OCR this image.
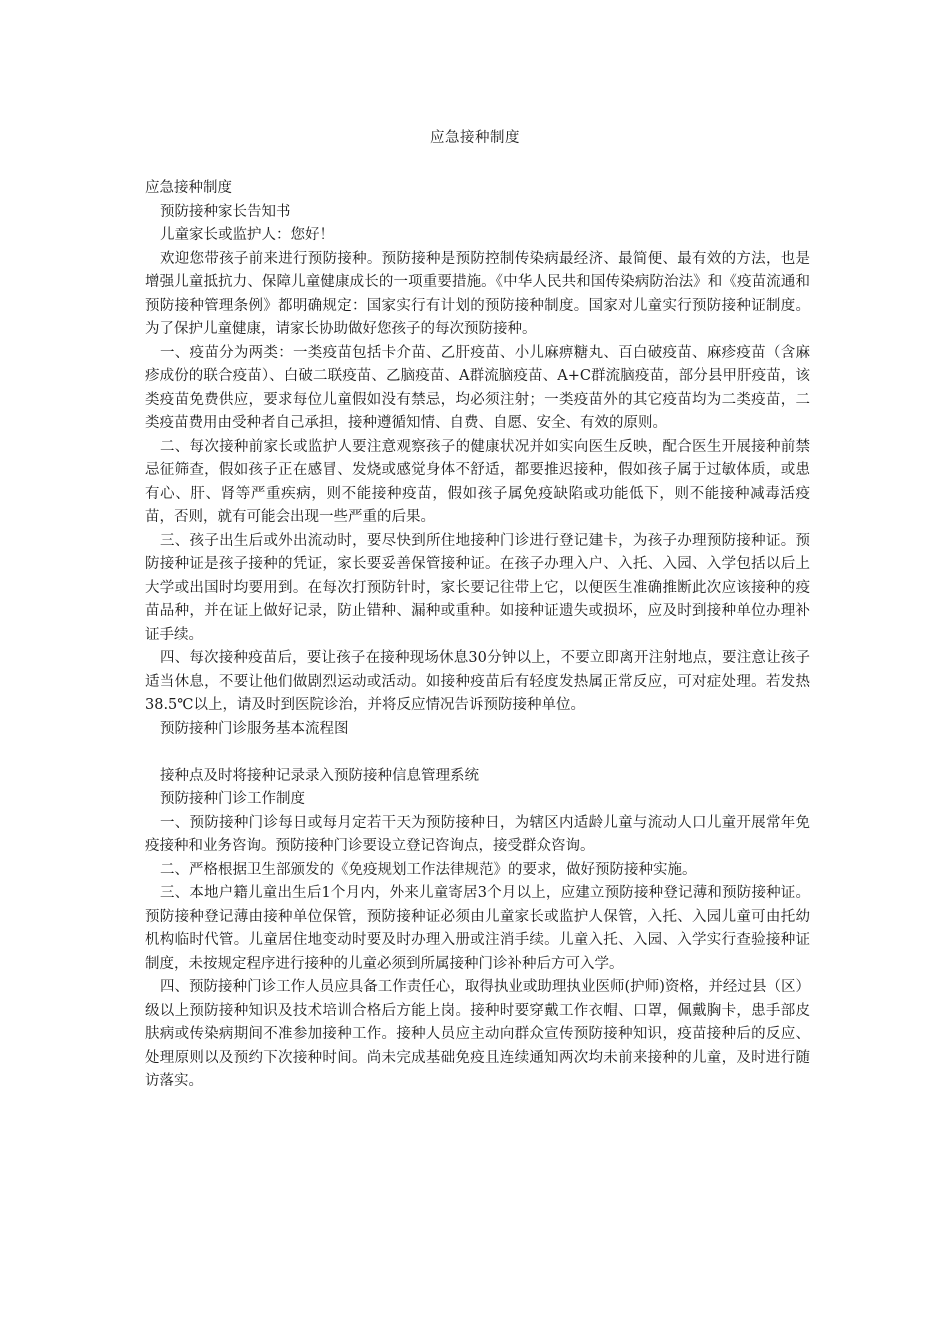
应急接种制度

应急接种制度

预防接种家长告知书

儿童家长或监护人：您好！

欢迎您带孩子前来进行预防接种。预防接种是预防控制传染病最经济、最简便、最有效的方法，也是增强儿童抵抗力、保障儿童健康成长的一项重要措施。《中华人民共和国传染病防治法》和《疫苗流通和预防接种管理条例》都明确规定：国家实行有计划的预防接种制度。国家对儿童实行预防接种证制度。为了保护儿童健康，请家长协助做好您孩子的每次预防接种。

一、疫苗分为两类：一类疫苗包括卡介苗、乙肝疫苗、小儿麻痹糖丸、百白破疫苗、麻疹疫苗（含麻疹成份的联合疫苗）、白破二联疫苗、乙脑疫苗、A群流脑疫苗、A+C群流脑疫苗，部分县甲肝疫苗，该类疫苗免费供应，要求每位儿童假如没有禁忌，均必须注射；一类疫苗外的其它疫苗均为二类疫苗，二类疫苗费用由受种者自己承担，接种遵循知情、自费、自愿、安全、有效的原则。

二、每次接种前家长或监护人要注意观察孩子的健康状况并如实向医生反映，配合医生开展接种前禁忌征筛查，假如孩子正在感冒、发烧或感觉身体不舒适，都要推迟接种，假如孩子属于过敏体质，或患有心、肝、肾等严重疾病，则不能接种疫苗，假如孩子属免疫缺陷或功能低下，则不能接种减毒活疫苗，否则，就有可能会出现一些严重的后果。

三、孩子出生后或外出流动时，要尽快到所住地接种门诊进行登记建卡，为孩子办理预防接种证。预防接种证是孩子接种的凭证，家长要妥善保管接种证。在孩子办理入户、入托、入园、入学包括以后上大学或出国时均要用到。在每次打预防针时，家长要记往带上它，以便医生准确推断此次应该接种的疫苗品种，并在证上做好记录，防止错种、漏种或重种。如接种证遗失或损坏，应及时到接种单位办理补证手续。

四、每次接种疫苗后，要让孩子在接种现场休息30分钟以上，不要立即离开注射地点，要注意让孩子适当休息，不要让他们做剧烈运动或活动。如接种疫苗后有轻度发热属正常反应，可对症处理。若发热38.5℃以上，请及时到医院诊治，并将反应情况告诉预防接种单位。

预防接种门诊服务基本流程图

接种点及时将接种记录录入预防接种信息管理系统

预防接种门诊工作制度

一、预防接种门诊每日或每月定若干天为预防接种日，为辖区内适龄儿童与流动人口儿童开展常年免疫接种和业务咨询。预防接种门诊要设立登记咨询点，接受群众咨询。

二、严格根据卫生部颁发的《免疫规划工作法律规范》的要求，做好预防接种实施。

三、本地户籍儿童出生后1个月内，外来儿童寄居3个月以上，应建立预防接种登记薄和预防接种证。预防接种登记薄由接种单位保管，预防接种证必须由儿童家长或监护人保管，入托、入园儿童可由托幼机构临时代管。儿童居住地变动时要及时办理入册或注消手续。儿童入托、入园、入学实行查验接种证制度，未按规定程序进行接种的儿童必须到所属接种门诊补种后方可入学。

四、预防接种门诊工作人员应具备工作责任心，取得执业或助理执业医师(护师)资格，并经过县（区）级以上预防接种知识及技术培训合格后方能上岗。接种时要穿戴工作衣帽、口罩，佩戴胸卡，患手部皮肤病或传染病期间不准参加接种工作。接种人员应主动向群众宣传预防接种知识，疫苗接种后的反应、处理原则以及预约下次接种时间。尚未完成基础免疫且连续通知两次均未前来接种的儿童，及时进行随访落实。
